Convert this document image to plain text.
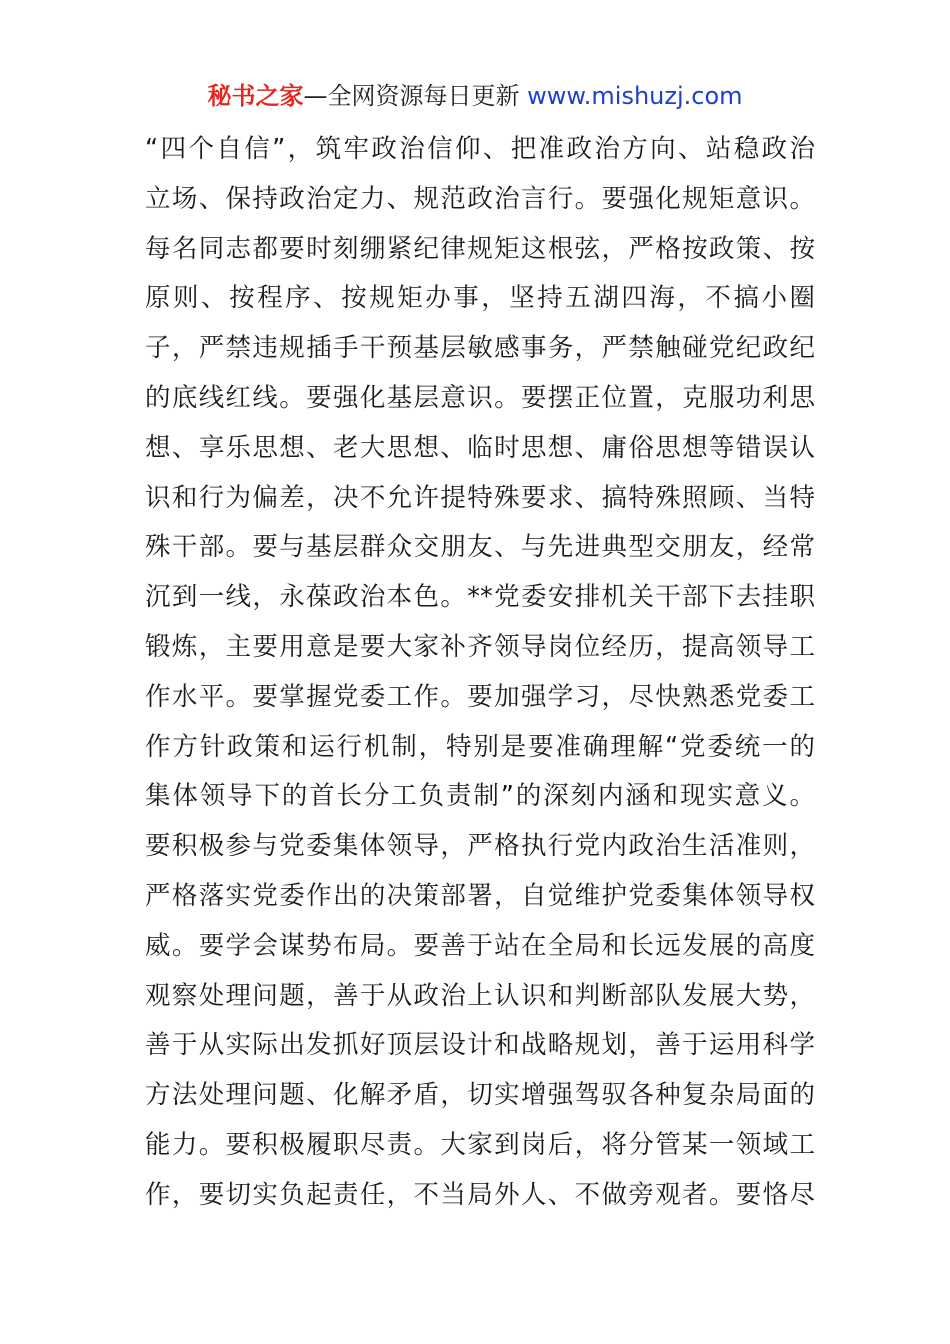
秘书之家—全网资源每日更新 www.mishuzj.com
“四个自信”，筑牢政治信仰、把准政治方向、站稳政治
立场、保持政治定力、规范政治言行。要强化规矩意识。
每名同志都要时刻绷紧纪律规矩这根弦，严格按政策、按
原则、按程序、按规矩办事，坚持五湖四海，不搞小圈
子，严禁违规插手干预基层敏感事务，严禁触碰党纪政纪
的底线红线。要强化基层意识。要摆正位置，克服功利思
想、享乐思想、老大思想、临时思想、庸俗思想等错误认
识和行为偏差，决不允许提特殊要求、搞特殊照顾、当特
殊干部。要与基层群众交朋友、与先进典型交朋友，经常
沉到一线，永葆政治本色。**党委安排机关干部下去挂职
锻炼，主要用意是要大家补齐领导岗位经历，提高领导工
作水平。要掌握党委工作。要加强学习，尽快熟悉党委工
作方针政策和运行机制，特别是要准确理解“党委统一的
集体领导下的首长分工负责制”的深刻内涵和现实意义。
要积极参与党委集体领导，严格执行党内政治生活准则，
严格落实党委作出的决策部署，自觉维护党委集体领导权
威。要学会谋势布局。要善于站在全局和长远发展的高度
观察处理问题，善于从政治上认识和判断部队发展大势，
善于从实际出发抓好顶层设计和战略规划，善于运用科学
方法处理问题、化解矛盾，切实增强驾驭各种复杂局面的
能力。要积极履职尽责。大家到岗后，将分管某一领域工
作，要切实负起责任，不当局外人、不做旁观者。要恪尽
